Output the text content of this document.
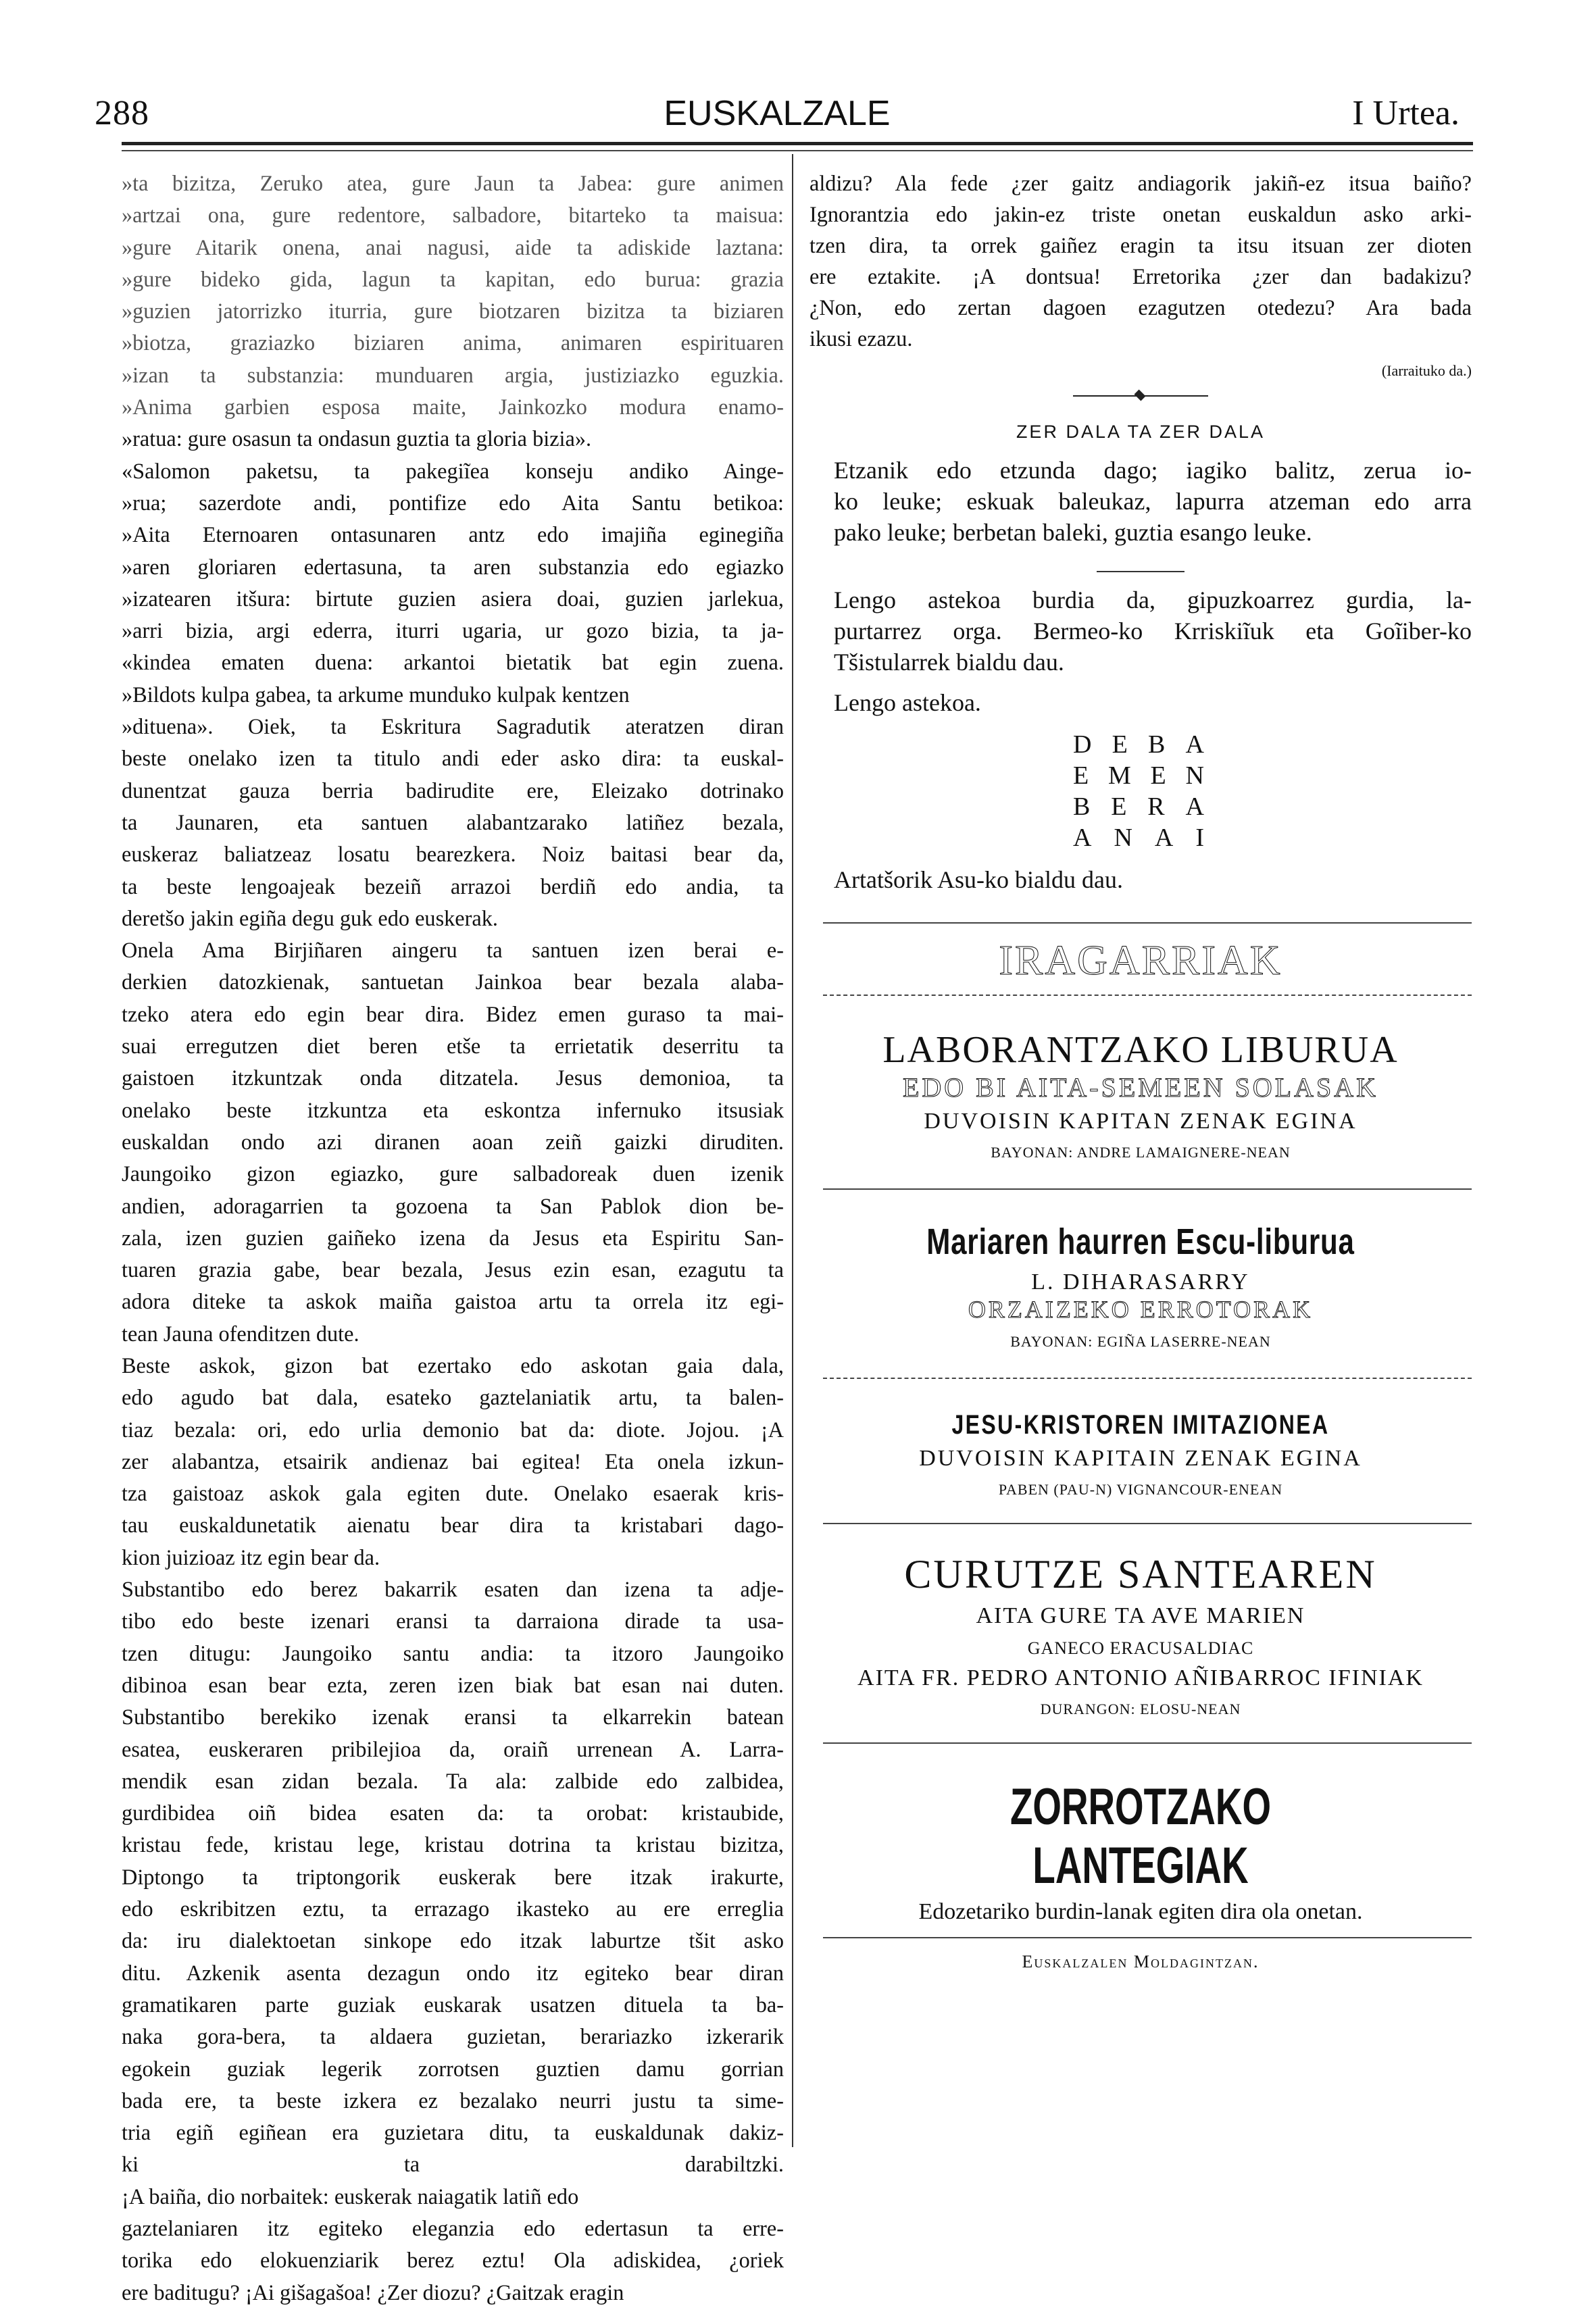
288	EUSKALZALE	I Urtea.
»ta bizitza, Zeruko atea, gure Jaun ta Jabea: gure animen
»artzai ona, gure redentore, salbadore, bitarteko ta maisua:
»gure Aitarik onena, anai nagusi, aide ta adiskide laztana:
»gure bideko gida, lagun ta kapitan, edo burua: grazia
»guzien jatorrizko iturria, gure biotzaren bizitza ta biziaren
»biotza, graziazko biziaren anima, animaren espirituaren
»izan ta substanzia: munduaren argia, justiziazko eguzkia.
»Anima garbien esposa maite, Jainkozko modura enamo-
»ratua: gure osasun ta ondasun guztia ta gloria bizia».
«Salomon paketsu, ta pakegiĩea konseju andiko Ainge-
»rua; sazerdote andi, pontifize edo Aita Santu betikoa:
»Aita Eternoaren ontasunaren antz edo imajiña eginegiña
»aren gloriaren edertasuna, ta aren substanzia edo egiazko
»izatearen itšura: birtute guzien asiera doai, guzien jarlekua,
»arri bizia, argi ederra, iturri ugaria, ur gozo bizia, ta ja-
«kindea ematen duena: arkantoi bietatik bat egin zuena.
»Bildots kulpa gabea, ta arkume munduko kulpak kentzen
»dituena». Oiek, ta Eskritura Sagradutik ateratzen diran
beste onelako izen ta titulo andi eder asko dira: ta euskal-
dunentzat gauza berria badirudite ere, Eleizako dotrinako
ta Jaunaren, eta santuen alabantzarako latiñez bezala,
euskeraz baliatzeaz losatu bearezkera. Noiz baitasi bear da,
ta beste lengoajeak bezeiñ arrazoi berdiñ edo andia, ta
deretšo jakin egiña degu guk edo euskerak.
Onela Ama Birjiñaren aingeru ta santuen izen berai e-
derkien datozkienak, santuetan Jainkoa bear bezala alaba-
tzeko atera edo egin bear dira. Bidez emen guraso ta mai-
suai erregutzen diet beren etše ta errietatik deserritu ta
gaistoen itzkuntzak onda ditzatela. Jesus demonioa, ta
onelako beste itzkuntza eta eskontza infernuko itsusiak
euskaldan ondo azi diranen aoan zeiñ gaizki diruditen.
Jaungoiko gizon egiazko, gure salbadoreak duen izenik
andien, adoragarrien ta gozoena ta San Pablok dion be-
zala, izen guzien gaiñeko izena da Jesus eta Espiritu San-
tuaren grazia gabe, bear bezala, Jesus ezin esan, ezagutu ta
adora diteke ta askok maiña gaistoa artu ta orrela itz egi-
tean Jauna ofenditzen dute.
Beste askok, gizon bat ezertako edo askotan gaia dala,
edo agudo bat dala, esateko gaztelaniatik artu, ta balen-
tiaz bezala: ori, edo urlia demonio bat da: diote. Jojou. ¡A
zer alabantza, etsairik andienaz bai egitea! Eta onela izkun-
tza gaistoaz askok gala egiten dute. Onelako esaerak kris-
tau euskaldunetatik aienatu bear dira ta kristabari dago-
kion juizioaz itz egin bear da.
Substantibo edo berez bakarrik esaten dan izena ta adje-
tibo edo beste izenari eransi ta darraiona diradе ta usa-
tzen ditugu: Jaungoiko santu andia: ta itzoro Jaungoiko
dibinoa esan bear ezta, zeren izen biak bat esan nai duten.
Substantibo berekiko izenak eransi ta elkarrekin batean
esatea, euskeraren pribilejioa da, oraiñ urrenean A. Larra-
mendik esan zidan bezala. Ta ala: zalbide edo zalbidea,
gurdibidea oiñ bidea esaten da: ta orobat: kristaubide,
kristau fede, kristau lege, kristau dotrina ta kristau bizitza,
Diptongo ta triptongorik euskerak bere itzak irakurte,
edo eskribitzen eztu, ta errazago ikasteko au ere erreglia
da: iru dialektoetan sinkope edo itzak laburtze tšit asko
ditu. Azkenik asenta dezagun ondo itz egiteko bear diran
gramatikaren parte guziak euskarak usatzen dituela ta ba-
naka gora-bera, ta aldaera guzietan, berariazko izkerarik
egokein guziak legerik zorrotsen guztien damu gorrian
bada ere, ta beste izkera ez bezalako neurri justu ta sime-
tria egiñ egiñean era guzietara ditu, ta euskaldunak dakiz-
ki ta darabiltzki.
¡A baiña, dio norbaitek: euskerak naiagatik latiñ edo
gaztelaniaren itz egiteko eleganzia edo edertasun ta erre-
torika edo elokuenziarik berez eztu! Ola adiskidea, ¿oriek
ere baditugu? ¡Ai gišagašoa! ¿Zer diozu? ¿Gaitzak eragin
aldizu? Ala fede ¿zer gaitz andiagorik jakiñ-ez itsua baiño?
Ignorantzia edo jakin-ez triste onetan euskaldun asko arki-
tzen dira, ta orrek gaiñez eragin ta itsu itsuan zer dioten
ere eztakite. ¡A dontsua! Erretorika ¿zer dan badakizu?
¿Non, edo zertan dagoen ezagutzen otedezu? Ara bada
ikusi ezazu.
(Iarraituko da.)
ZER DALA TA ZER DALA
Etzanik edo etzunda dago; iagiko balitz, zerua io-
ko leuke; eskuak baleukaz, lapurra atzeman edo arra
pako leuke; berbetan baleki, guztia esango leuke.
Lengo astekoa burdia da, gipuzkoarrez gurdia, la-
purtarrez orga. Bermeo-ko Krriskiĩuk eta Goĩiber-ko
Tšistularrek bialdu dau.
Lengo astekoa.
D E B A
E M E N
B E R A
A N A I
Artatšorik Asu-ko bialdu dau.
IRAGARRIAK
LABORANTZAKO LIBURUA
EDO BI AITA-SEMEEN SOLASAK
DUVOISIN KAPITAN ZENAK EGINA
BAYONAN: ANDRE LAMAIGNERE-NEAN
Mariaren haurren Escu-liburua
L. DIHARASARRY
ORZAIZEKO ERROTORAK
BAYONAN: EGIÑA LASERRE-NEAN
JESU-KRISTOREN IMITAZIONEA
DUVOISIN KAPITAIN ZENAK EGINA
PABEN (PAU-N) VIGNANCOUR-ENEAN
CURUTZE SANTEAREN
AITA GURE TA AVE MARIEN
GANECO ERACUSALDIAC
AITA FR. PEDRO ANTONIO AÑIBARROC IFINIAK
DURANGON: ELOSU-NEAN
ZORROTZAKO LANTEGIAK
Edozetariko burdin-lanak egiten dira ola onetan.
Euskalzalen Moldagintzan.
